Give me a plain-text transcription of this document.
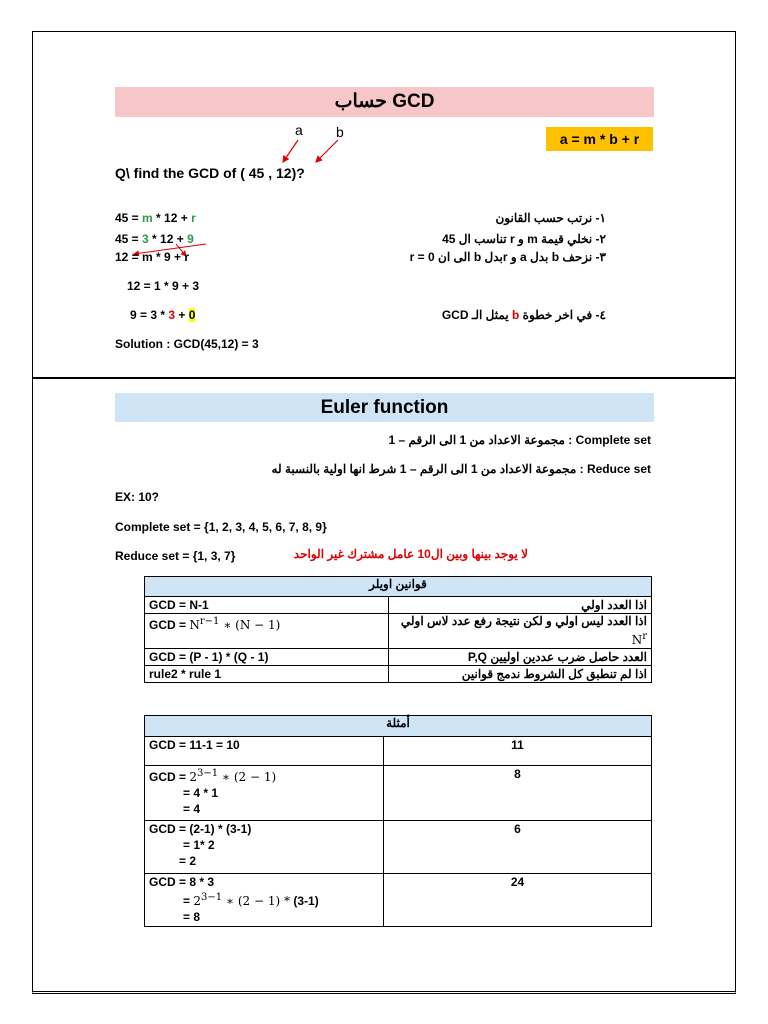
حساب GCD
a b	a = m * b + r
Q\ find the GCD of ( 45 , 12)?
45 = m * 12 + r
45 = 3 * 12 + 9
12 = m * 9 + r
12 = 1 * 9 + 3
9 = 3 * 3 + 0
١- نرتب حسب القانون
٢- نخلي قيمة m و r تناسب ال 45
٣- نزحف b بدل a و rبدل b الى ان 0 = r
٤- في اخر خطوة b يمثل الـ GCD
Solution : GCD(45,12) = 3
Euler function
Complete set : مجموعة الاعداد من 1 الى الرقم – 1
Reduce set : مجموعة الاعداد من 1 الى الرقم – 1 شرط انها اولية بالنسبة له
EX: 10?
Complete set = {1, 2, 3, 4, 5, 6, 7, 8, 9}
Reduce set = {1, 3, 7}	لا يوجد بينها وبين ال10 عامل مشترك غير الواحد
قوانين اويلر	
GCD = N-1	اذا العدد اولي
GCD = $N^{r-1}$ ∗ (N − 1)	اذا العدد ليس اولي و لكن نتيجة رفع عدد لاس اولي
$N^r$
GCD = (P - 1) * (Q - 1)	العدد حاصل ضرب عددين اوليين P,Q
rule2 * rule 1	اذا لم تنطبق كل الشروط ندمج قوانين
أمثلة	

GCD = 11-1 = 10	11

GCD = $2^{3-1}$ ∗ (2 − 1)
= 4 * 1
= 4	8

GCD = (2-1) * (3-1)
= 1* 2
= 2	6

GCD = 8 * 3
= $2^{3-1}$ ∗ (2 − 1) * (3-1)
= 8	24
